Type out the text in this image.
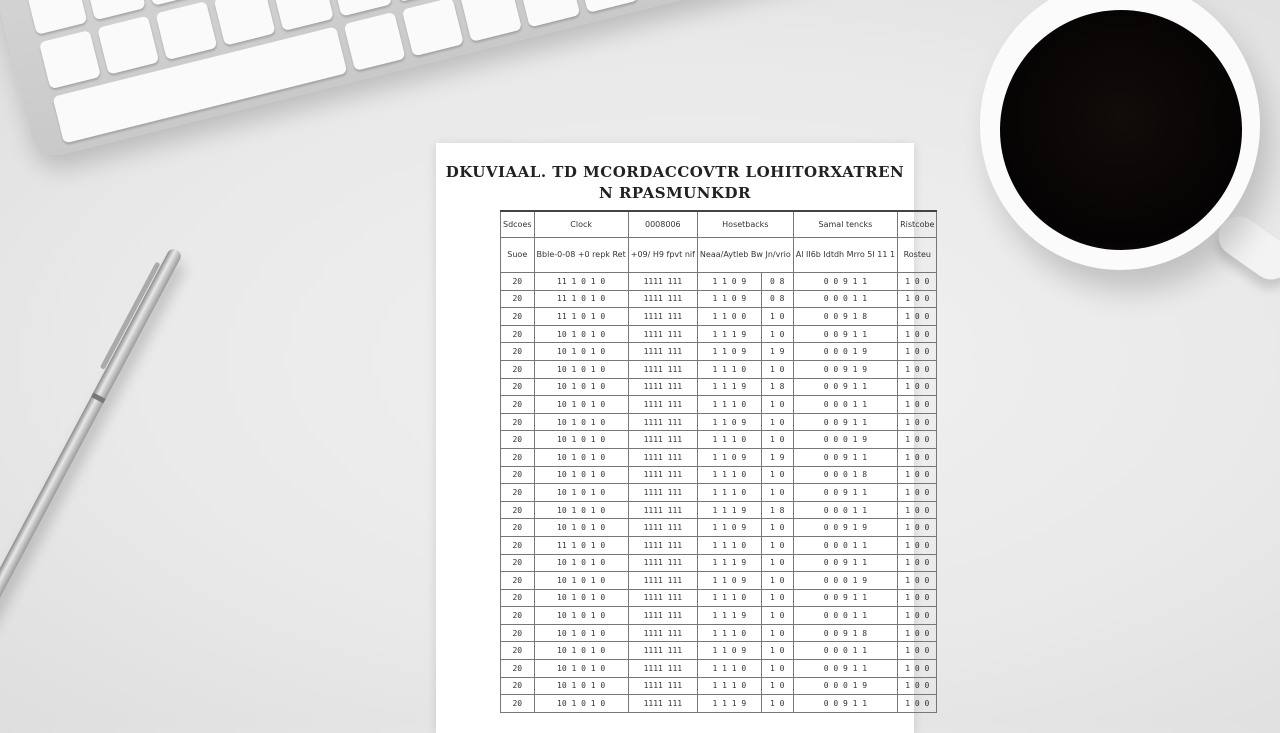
DKUVIAAL. TD MCORDACCOVTR LOHITORXATREN
N RPASMUNKDR
Sdcoes	Clock	0008006	Hosetbacks		Samal tencks	Ristcobe
Suoe	Bble-0-08 +0 repk Ret	+09/ H9 fpvt nif	Neaa/Aytleb Bw Jn/vrio		Al II6b Idtdh Mrro 5I 11 1	Rosteu
20	11 1 0 1 0	1111 111	1 1 0 9	0 8	0 0 9 1 1	1 0 0
20	11 1 0 1 0	1111 111	1 1 0 9	0 8	0 0 0 1 1	1 0 0
20	11 1 0 1 0	1111 111	1 1 0 0	1 0	0 0 9 1 8	1 0 0
20	10 1 0 1 0	1111 111	1 1 1 9	1 0	0 0 9 1 1	1 0 0
20	10 1 0 1 0	1111 111	1 1 0 9	1 9	0 0 0 1 9	1 0 0
20	10 1 0 1 0	1111 111	1 1 1 0	1 0	0 0 9 1 9	1 0 0
20	10 1 0 1 0	1111 111	1 1 1 9	1 8	0 0 9 1 1	1 0 0
20	10 1 0 1 0	1111 111	1 1 1 0	1 0	0 0 0 1 1	1 0 0
20	10 1 0 1 0	1111 111	1 1 0 9	1 0	0 0 9 1 1	1 0 0
20	10 1 0 1 0	1111 111	1 1 1 0	1 0	0 0 0 1 9	1 0 0
20	10 1 0 1 0	1111 111	1 1 0 9	1 9	0 0 9 1 1	1 0 0
20	10 1 0 1 0	1111 111	1 1 1 0	1 0	0 0 0 1 8	1 0 0
20	10 1 0 1 0	1111 111	1 1 1 0	1 0	0 0 9 1 1	1 0 0
20	10 1 0 1 0	1111 111	1 1 1 9	1 8	0 0 0 1 1	1 0 0
20	10 1 0 1 0	1111 111	1 1 0 9	1 0	0 0 9 1 9	1 0 0
20	11 1 0 1 0	1111 111	1 1 1 0	1 0	0 0 0 1 1	1 0 0
20	10 1 0 1 0	1111 111	1 1 1 9	1 0	0 0 9 1 1	1 0 0
20	10 1 0 1 0	1111 111	1 1 0 9	1 0	0 0 0 1 9	1 0 0
20	10 1 0 1 0	1111 111	1 1 1 0	1 0	0 0 9 1 1	1 0 0
20	10 1 0 1 0	1111 111	1 1 1 9	1 0	0 0 0 1 1	1 0 0
20	10 1 0 1 0	1111 111	1 1 1 0	1 0	0 0 9 1 8	1 0 0
20	10 1 0 1 0	1111 111	1 1 0 9	1 0	0 0 0 1 1	1 0 0
20	10 1 0 1 0	1111 111	1 1 1 0	1 0	0 0 9 1 1	1 0 0
20	10 1 0 1 0	1111 111	1 1 1 0	1 0	0 0 0 1 9	1 0 0
20	10 1 0 1 0	1111 111	1 1 1 9	1 0	0 0 9 1 1	1 0 0
